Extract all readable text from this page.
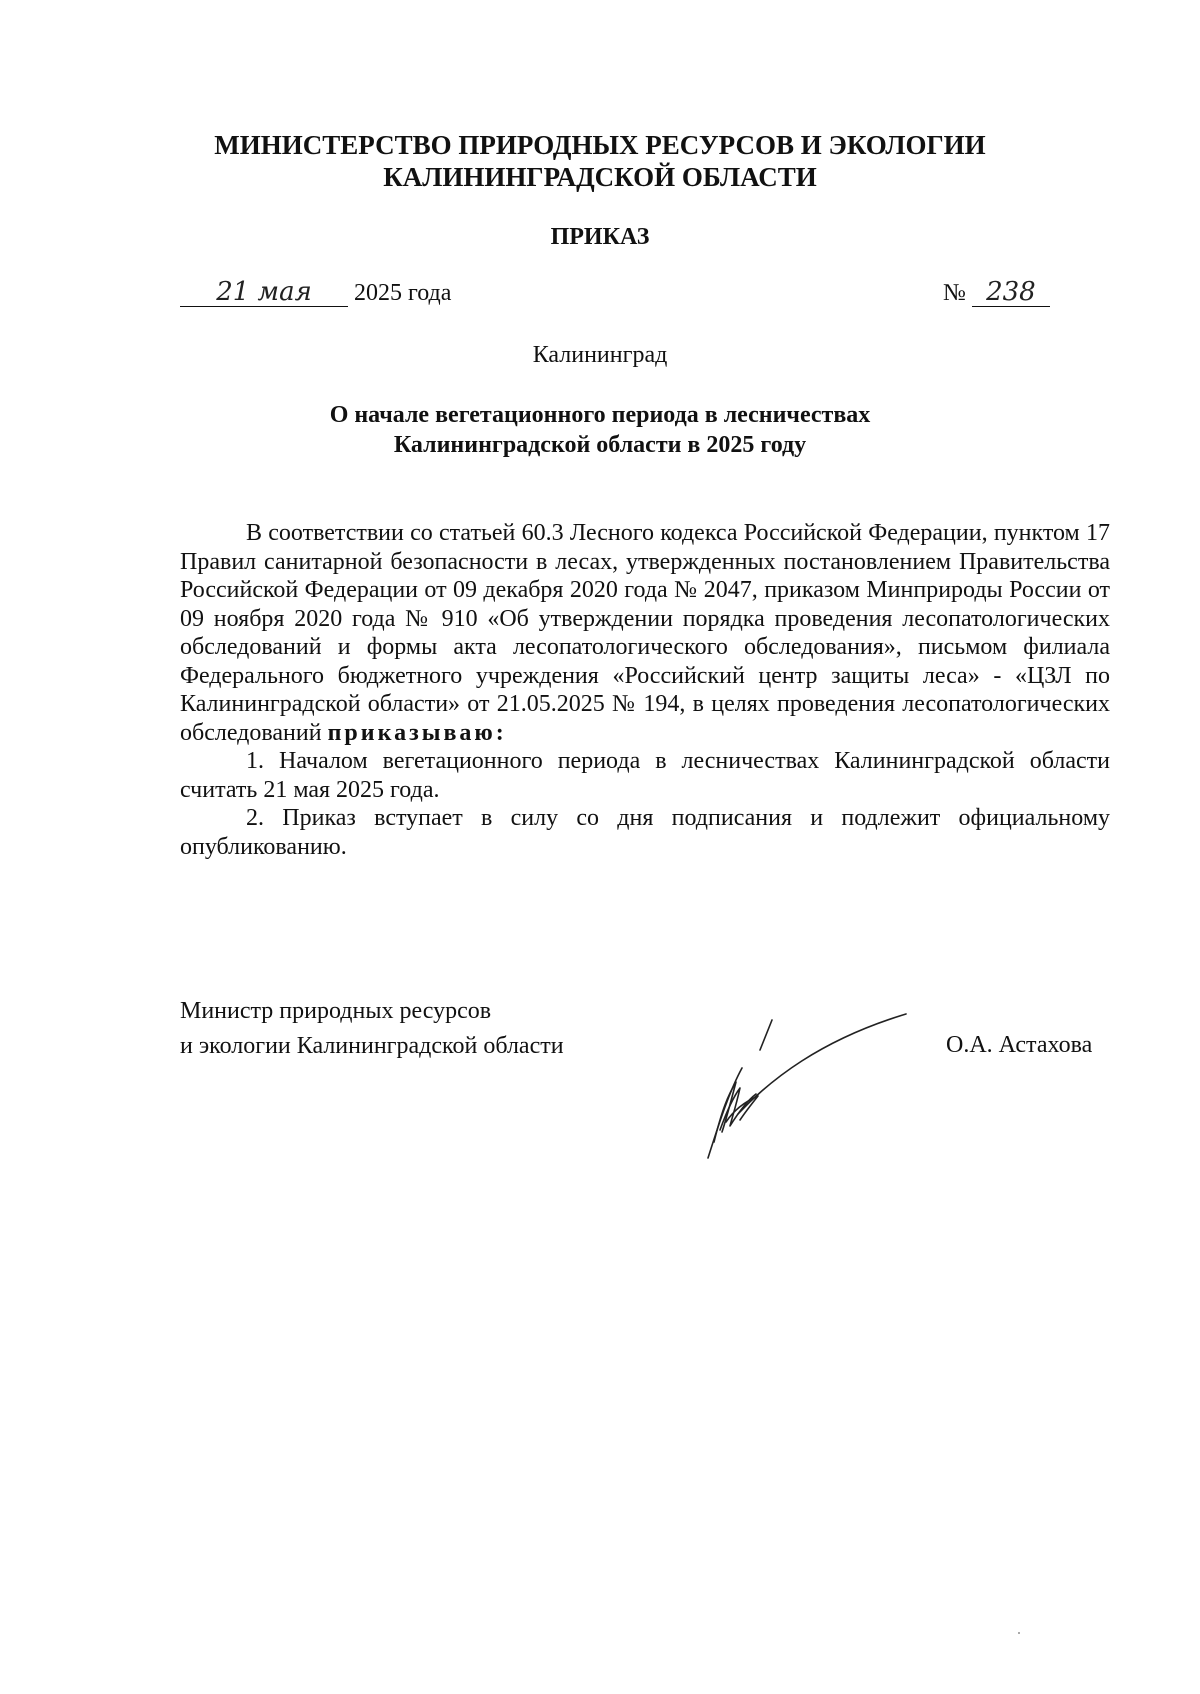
МИНИСТЕРСТВО ПРИРОДНЫХ РЕСУРСОВ И ЭКОЛОГИИ
КАЛИНИНГРАДСКОЙ ОБЛАСТИ
ПРИКАЗ
21 мая 2025 года	№ 238
Калининград
О начале вегетационного периода в лесничествах
Калининградской области в 2025 году

В соответствии со статьей 60.3 Лесного кодекса Российской Федерации, пунктом 17 Правил санитарной безопасности в лесах, утвержденных постановлением Правительства Российской Федерации от 09 декабря 2020 года № 2047, приказом Минприроды России от 09 ноября 2020 года № 910 «Об утверждении порядка проведения лесопатологических обследований и формы акта лесопатологического обследования», письмом филиала Федерального бюджетного учреждения «Российский центр защиты леса» - «ЦЗЛ по Калининградской области» от 21.05.2025 № 194, в целях проведения лесопатологических обследований приказываю:

1. Началом вегетационного периода в лесничествах Калининградской области считать 21 мая 2025 года.

2. Приказ вступает в силу со дня подписания и подлежит официальному опубликованию.

Министр природных ресурсов
и экологии Калининградской области	О.А. Астахова
